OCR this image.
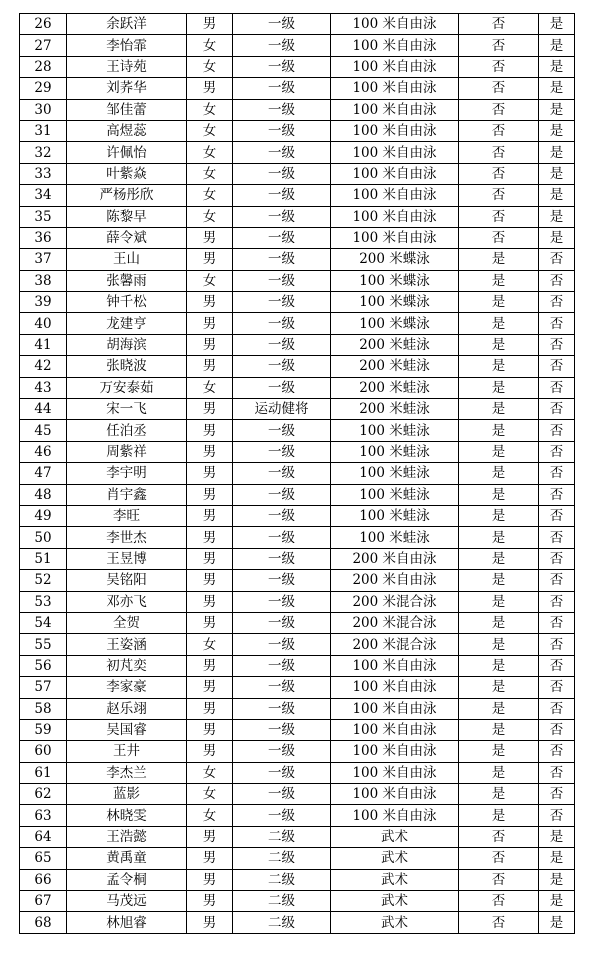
26	余跃洋	男	一级	100 米自由泳	否	是
27	李怡霏	女	一级	100 米自由泳	否	是
28	王诗苑	女	一级	100 米自由泳	否	是
29	刘荞华	男	一级	100 米自由泳	否	是
30	邹佳蕾	女	一级	100 米自由泳	否	是
31	高煜蕊	女	一级	100 米自由泳	否	是
32	许佩怡	女	一级	100 米自由泳	否	是
33	叶紫焱	女	一级	100 米自由泳	否	是
34	严杨彤欣	女	一级	100 米自由泳	否	是
35	陈黎早	女	一级	100 米自由泳	否	是
36	薛令斌	男	一级	100 米自由泳	否	是
37	王山	男	一级	200 米蝶泳	是	否
38	张馨雨	女	一级	100 米蝶泳	是	否
39	钟千松	男	一级	100 米蝶泳	是	否
40	龙建亨	男	一级	100 米蝶泳	是	否
41	胡海滨	男	一级	200 米蛙泳	是	否
42	张晓波	男	一级	200 米蛙泳	是	否
43	万安泰茹	女	一级	200 米蛙泳	是	否
44	宋一飞	男	运动健将	200 米蛙泳	是	否
45	任泊丞	男	一级	100 米蛙泳	是	否
46	周紫祥	男	一级	100 米蛙泳	是	否
47	李宇明	男	一级	100 米蛙泳	是	否
48	肖宇鑫	男	一级	100 米蛙泳	是	否
49	李旺	男	一级	100 米蛙泳	是	否
50	李世杰	男	一级	100 米蛙泳	是	否
51	王昱博	男	一级	200 米自由泳	是	否
52	吴铭阳	男	一级	200 米自由泳	是	否
53	邓亦飞	男	一级	200 米混合泳	是	否
54	全贺	男	一级	200 米混合泳	是	否
55	王姿涵	女	一级	200 米混合泳	是	否
56	初芃奕	男	一级	100 米自由泳	是	否
57	李家豪	男	一级	100 米自由泳	是	否
58	赵乐翊	男	一级	100 米自由泳	是	否
59	吴国睿	男	一级	100 米自由泳	是	否
60	王井	男	一级	100 米自由泳	是	否
61	李杰兰	女	一级	100 米自由泳	是	否
62	蓝影	女	一级	100 米自由泳	是	否
63	林晓雯	女	一级	100 米自由泳	是	否
64	王浩懿	男	二级	武术	否	是
65	黄禹童	男	二级	武术	否	是
66	孟令桐	男	二级	武术	否	是
67	马茂远	男	二级	武术	否	是
68	林旭睿	男	二级	武术	否	是
